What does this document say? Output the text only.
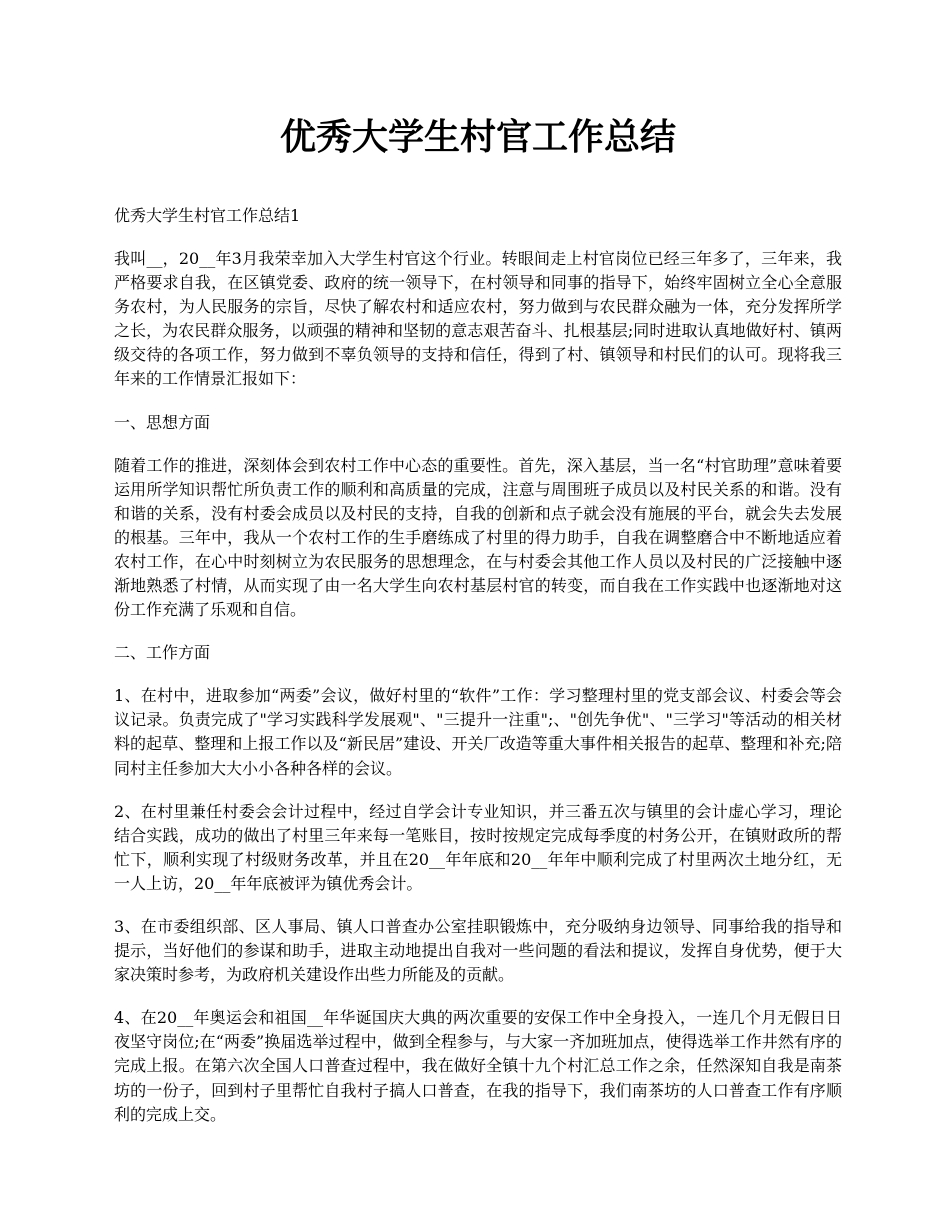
优秀大学生村官工作总结

优秀大学生村官工作总结1

我叫__，20__年3月我荣幸加入大学生村官这个行业。转眼间走上村官岗位已经三年多了，三年来，我严格要求自我，在区镇党委、政府的统一领导下，在村领导和同事的指导下，始终牢固树立全心全意服务农村，为人民服务的宗旨，尽快了解农村和适应农村，努力做到与农民群众融为一体，充分发挥所学之长，为农民群众服务，以顽强的精神和坚韧的意志艰苦奋斗、扎根基层;同时进取认真地做好村、镇两级交待的各项工作，努力做到不辜负领导的支持和信任，得到了村、镇领导和村民们的认可。现将我三年来的工作情景汇报如下：

一、思想方面

随着工作的推进，深刻体会到农村工作中心态的重要性。首先，深入基层，当一名“村官助理”意味着要运用所学知识帮忙所负责工作的顺利和高质量的完成，注意与周围班子成员以及村民关系的和谐。没有和谐的关系，没有村委会成员以及村民的支持，自我的创新和点子就会没有施展的平台，就会失去发展的根基。三年中，我从一个农村工作的生手磨练成了村里的得力助手，自我在调整磨合中不断地适应着农村工作，在心中时刻树立为农民服务的思想理念，在与村委会其他工作人员以及村民的广泛接触中逐渐地熟悉了村情，从而实现了由一名大学生向农村基层村官的转变，而自我在工作实践中也逐渐地对这份工作充满了乐观和自信。

二、工作方面

1、在村中，进取参加“两委”会议，做好村里的“软件”工作：学习整理村里的党支部会议、村委会等会议记录。负责完成了"学习实践科学发展观"、"三提升一注重";、"创先争优"、"三学习"等活动的相关材料的起草、整理和上报工作以及“新民居”建设、开关厂改造等重大事件相关报告的起草、整理和补充;陪同村主任参加大大小小各种各样的会议。

2、在村里兼任村委会会计过程中，经过自学会计专业知识，并三番五次与镇里的会计虚心学习，理论结合实践，成功的做出了村里三年来每一笔账目，按时按规定完成每季度的村务公开，在镇财政所的帮忙下，顺利实现了村级财务改革，并且在20__年年底和20__年年中顺利完成了村里两次土地分红，无一人上访，20__年年底被评为镇优秀会计。

3、在市委组织部、区人事局、镇人口普查办公室挂职锻炼中，充分吸纳身边领导、同事给我的指导和提示，当好他们的参谋和助手，进取主动地提出自我对一些问题的看法和提议，发挥自身优势，便于大家决策时参考，为政府机关建设作出些力所能及的贡献。

4、在20__年奥运会和祖国__年华诞国庆大典的两次重要的安保工作中全身投入，一连几个月无假日日夜坚守岗位;在“两委”换届选举过程中，做到全程参与，与大家一齐加班加点，使得选举工作井然有序的完成上报。在第六次全国人口普查过程中，我在做好全镇十九个村汇总工作之余，任然深知自我是南茶坊的一份子，回到村子里帮忙自我村子搞人口普查，在我的指导下，我们南茶坊的人口普查工作有序顺利的完成上交。
